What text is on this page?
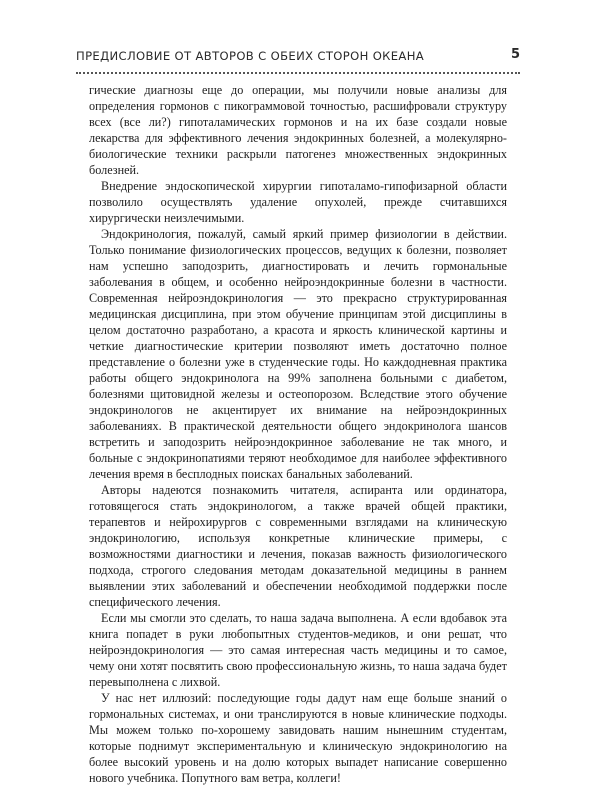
ПРЕДИСЛОВИЕ ОТ АВТОРОВ С ОБЕИХ СТОРОН ОКЕАНА	5

гические диагнозы еще до операции, мы получили новые анализы для определения гормонов с пикограммовой точностью, расшифровали структуру всех (все ли?) гипоталамических гормонов и на их базе создали новые лекарства для эффективного лечения эндокринных болезней, а молекулярно-биологические техники раскрыли патогенез множественных эндокринных болезней.

Внедрение эндоскопической хирургии гипоталамо-гипофизарной области позволило осуществлять удаление опухолей, прежде считавшихся хирургически неизлечимыми.

Эндокринология, пожалуй, самый яркий пример физиологии в действии. Только понимание физиологических процессов, ведущих к болезни, позволяет нам успешно заподозрить, диагностировать и лечить гормональные заболевания в общем, и особенно нейроэндокринные болезни в частности. Современная нейроэндокринология — это прекрасно структурированная медицинская дисциплина, при этом обучение принципам этой дисциплины в целом достаточно разработано, а красота и яркость клинической картины и четкие диагностические критерии позволяют иметь достаточно полное представление о болезни уже в студенческие годы. Но каждодневная практика работы общего эндокринолога на 99% заполнена больными с диабетом, болезнями щитовидной железы и остеопорозом. Вследствие этого обучение эндокринологов не акцентирует их внимание на нейроэндокринных заболеваниях. В практической деятельности общего эндокринолога шансов встретить и заподозрить нейроэндокринное заболевание не так много, и больные с эндокринопатиями теряют необходимое для наиболее эффективного лечения время в бесплодных поисках банальных заболеваний.

Авторы надеются познакомить читателя, аспиранта или ординатора, готовящегося стать эндокринологом, а также врачей общей практики, терапевтов и нейрохирургов с современными взглядами на клиническую эндокринологию, используя конкретные клинические примеры, с возможностями диагностики и лечения, показав важность физиологического подхода, строгого следования методам доказательной медицины в раннем выявлении этих заболеваний и обеспечении необходимой поддержки после специфического лечения.

Если мы смогли это сделать, то наша задача выполнена. А если вдобавок эта книга попадет в руки любопытных студентов-медиков, и они решат, что нейроэндокринология — это самая интересная часть медицины и то самое, чему они хотят посвятить свою профессиональную жизнь, то наша задача будет перевыполнена с лихвой.

У нас нет иллюзий: последующие годы дадут нам еще больше знаний о гормональных системах, и они транслируются в новые клинические подходы. Мы можем только по-хорошему завидовать нашим нынешним студентам, которые поднимут экспериментальную и клиническую эндокринологию на более высокий уровень и на долю которых выпадет написание совершенно нового учебника. Попутного вам ветра, коллеги!
